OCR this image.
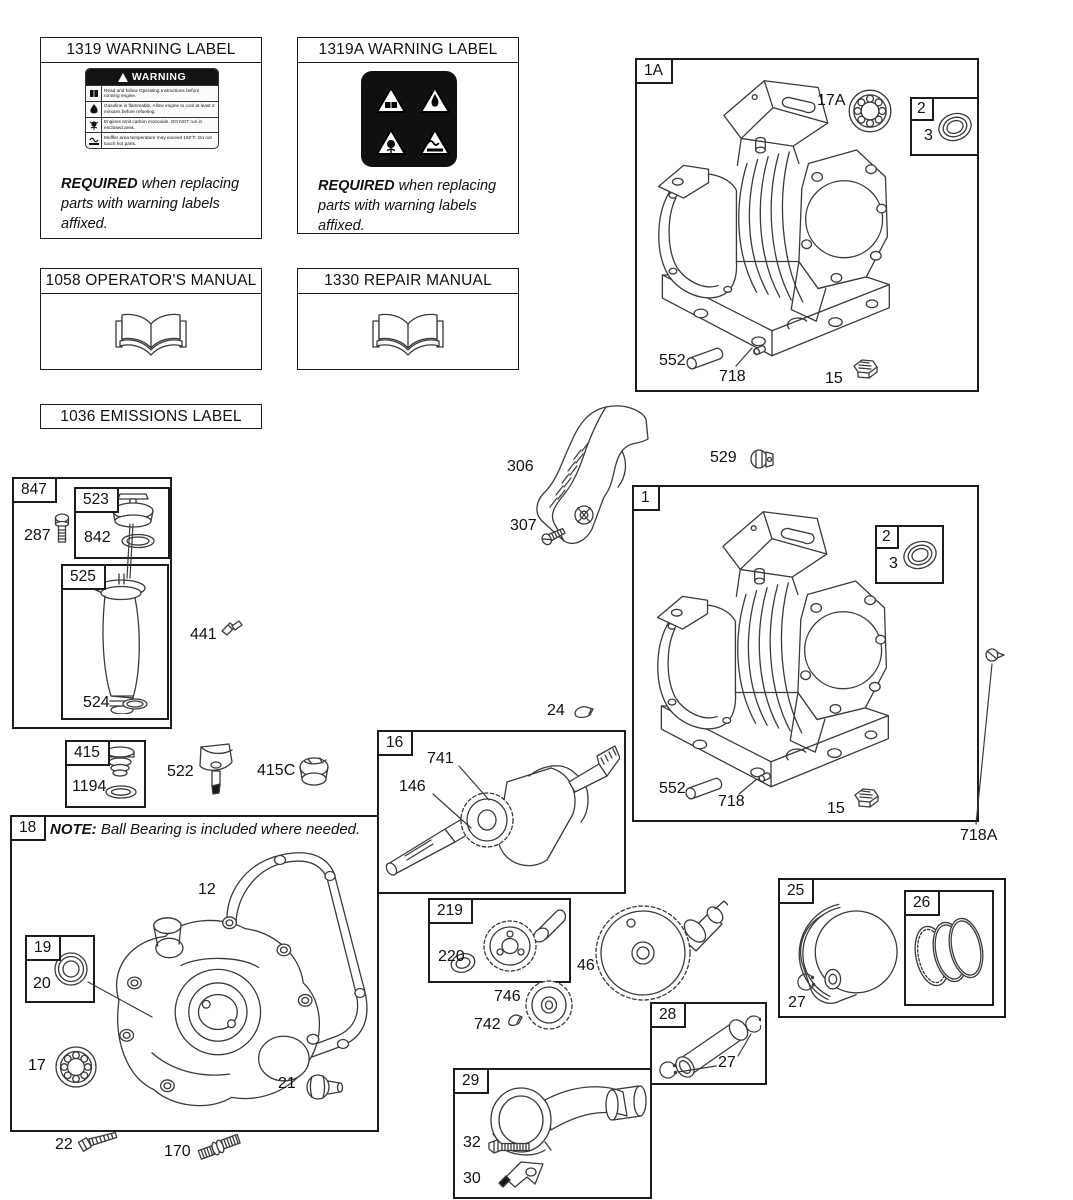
1319 WARNING LABEL
WARNING
Read and follow Operating Instructions before running engine.
Gasoline is flammable. Allow engine to cool at least 2 minutes before refueling.
Engines emit carbon monoxide. DO NOT run in enclosed area.
Muffler area temperature may exceed 150°F. Do not touch hot parts.

REQUIRED when replacing parts with warning labels affixed.

1319A WARNING LABEL

REQUIRED when replacing parts with warning labels affixed.

1058 OPERATOR'S MANUAL	1330 REPAIR MANUAL
1036 EMISSIONS LABEL
1A
17A	2
3
552
718	15
306
307
529
1
2
3
552
718	15
24
718A
847
287
523
842
525
524
441
415
1194
522	415C
18 NOTE: Ball Bearing is included where needed.

12
19
20
17
21
22	170
16
741
146
219
220
746
742
46
25
27
26
28
27
29
32
30
